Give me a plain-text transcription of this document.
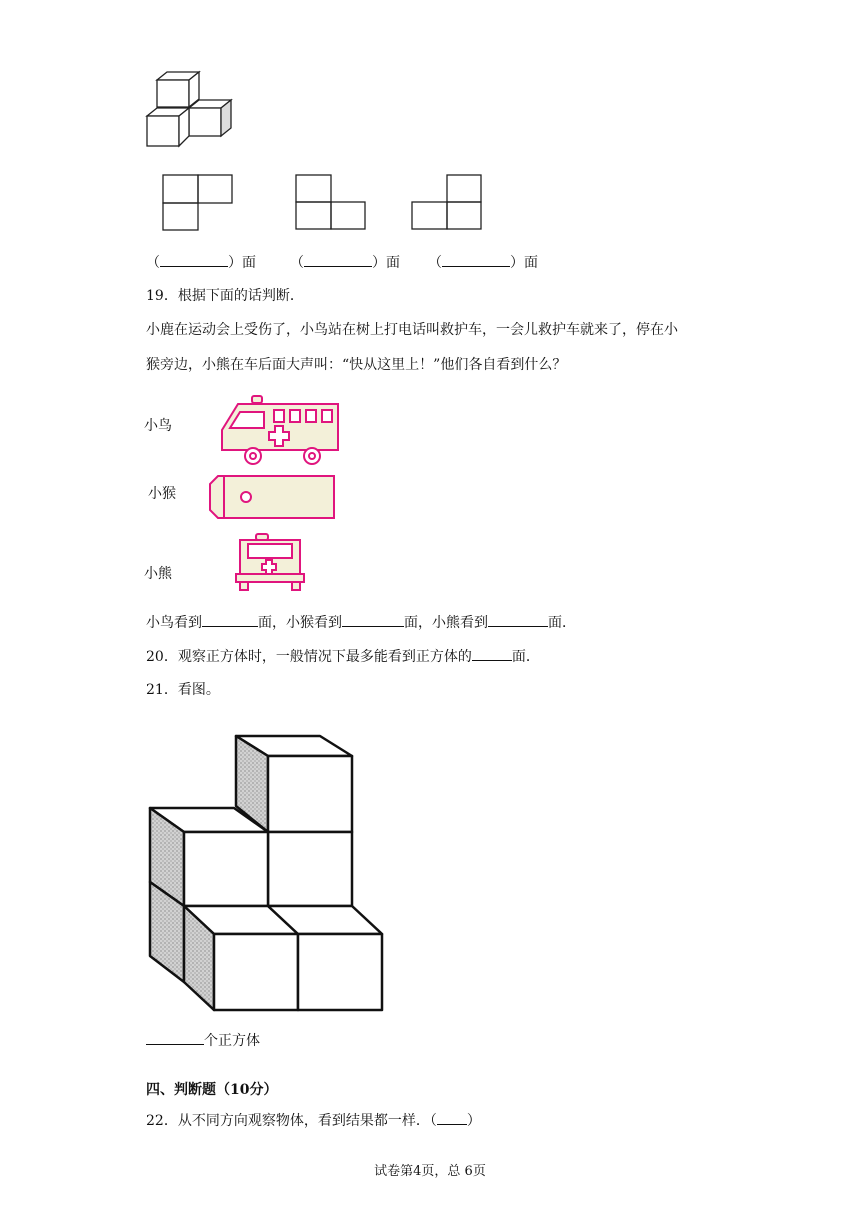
（	）面 （	）面 （	）面
19．根据下面的话判断．
小鹿在运动会上受伤了，小鸟站在树上打电话叫救护车，一会儿救护车就来了，停在小
猴旁边，小熊在车后面大声叫：“快从这里上！”他们各自看到什么？
小鸟
小猴
小熊
小鸟看到	面，小猴看到	面，小熊看到	面．
20．观察正方体时，一般情况下最多能看到正方体的	面．
21．看图。
个正方体
四、判断题（10分）
22．从不同方向观察物体，看到结果都一样．（ ）
试卷第4页，总 6页
